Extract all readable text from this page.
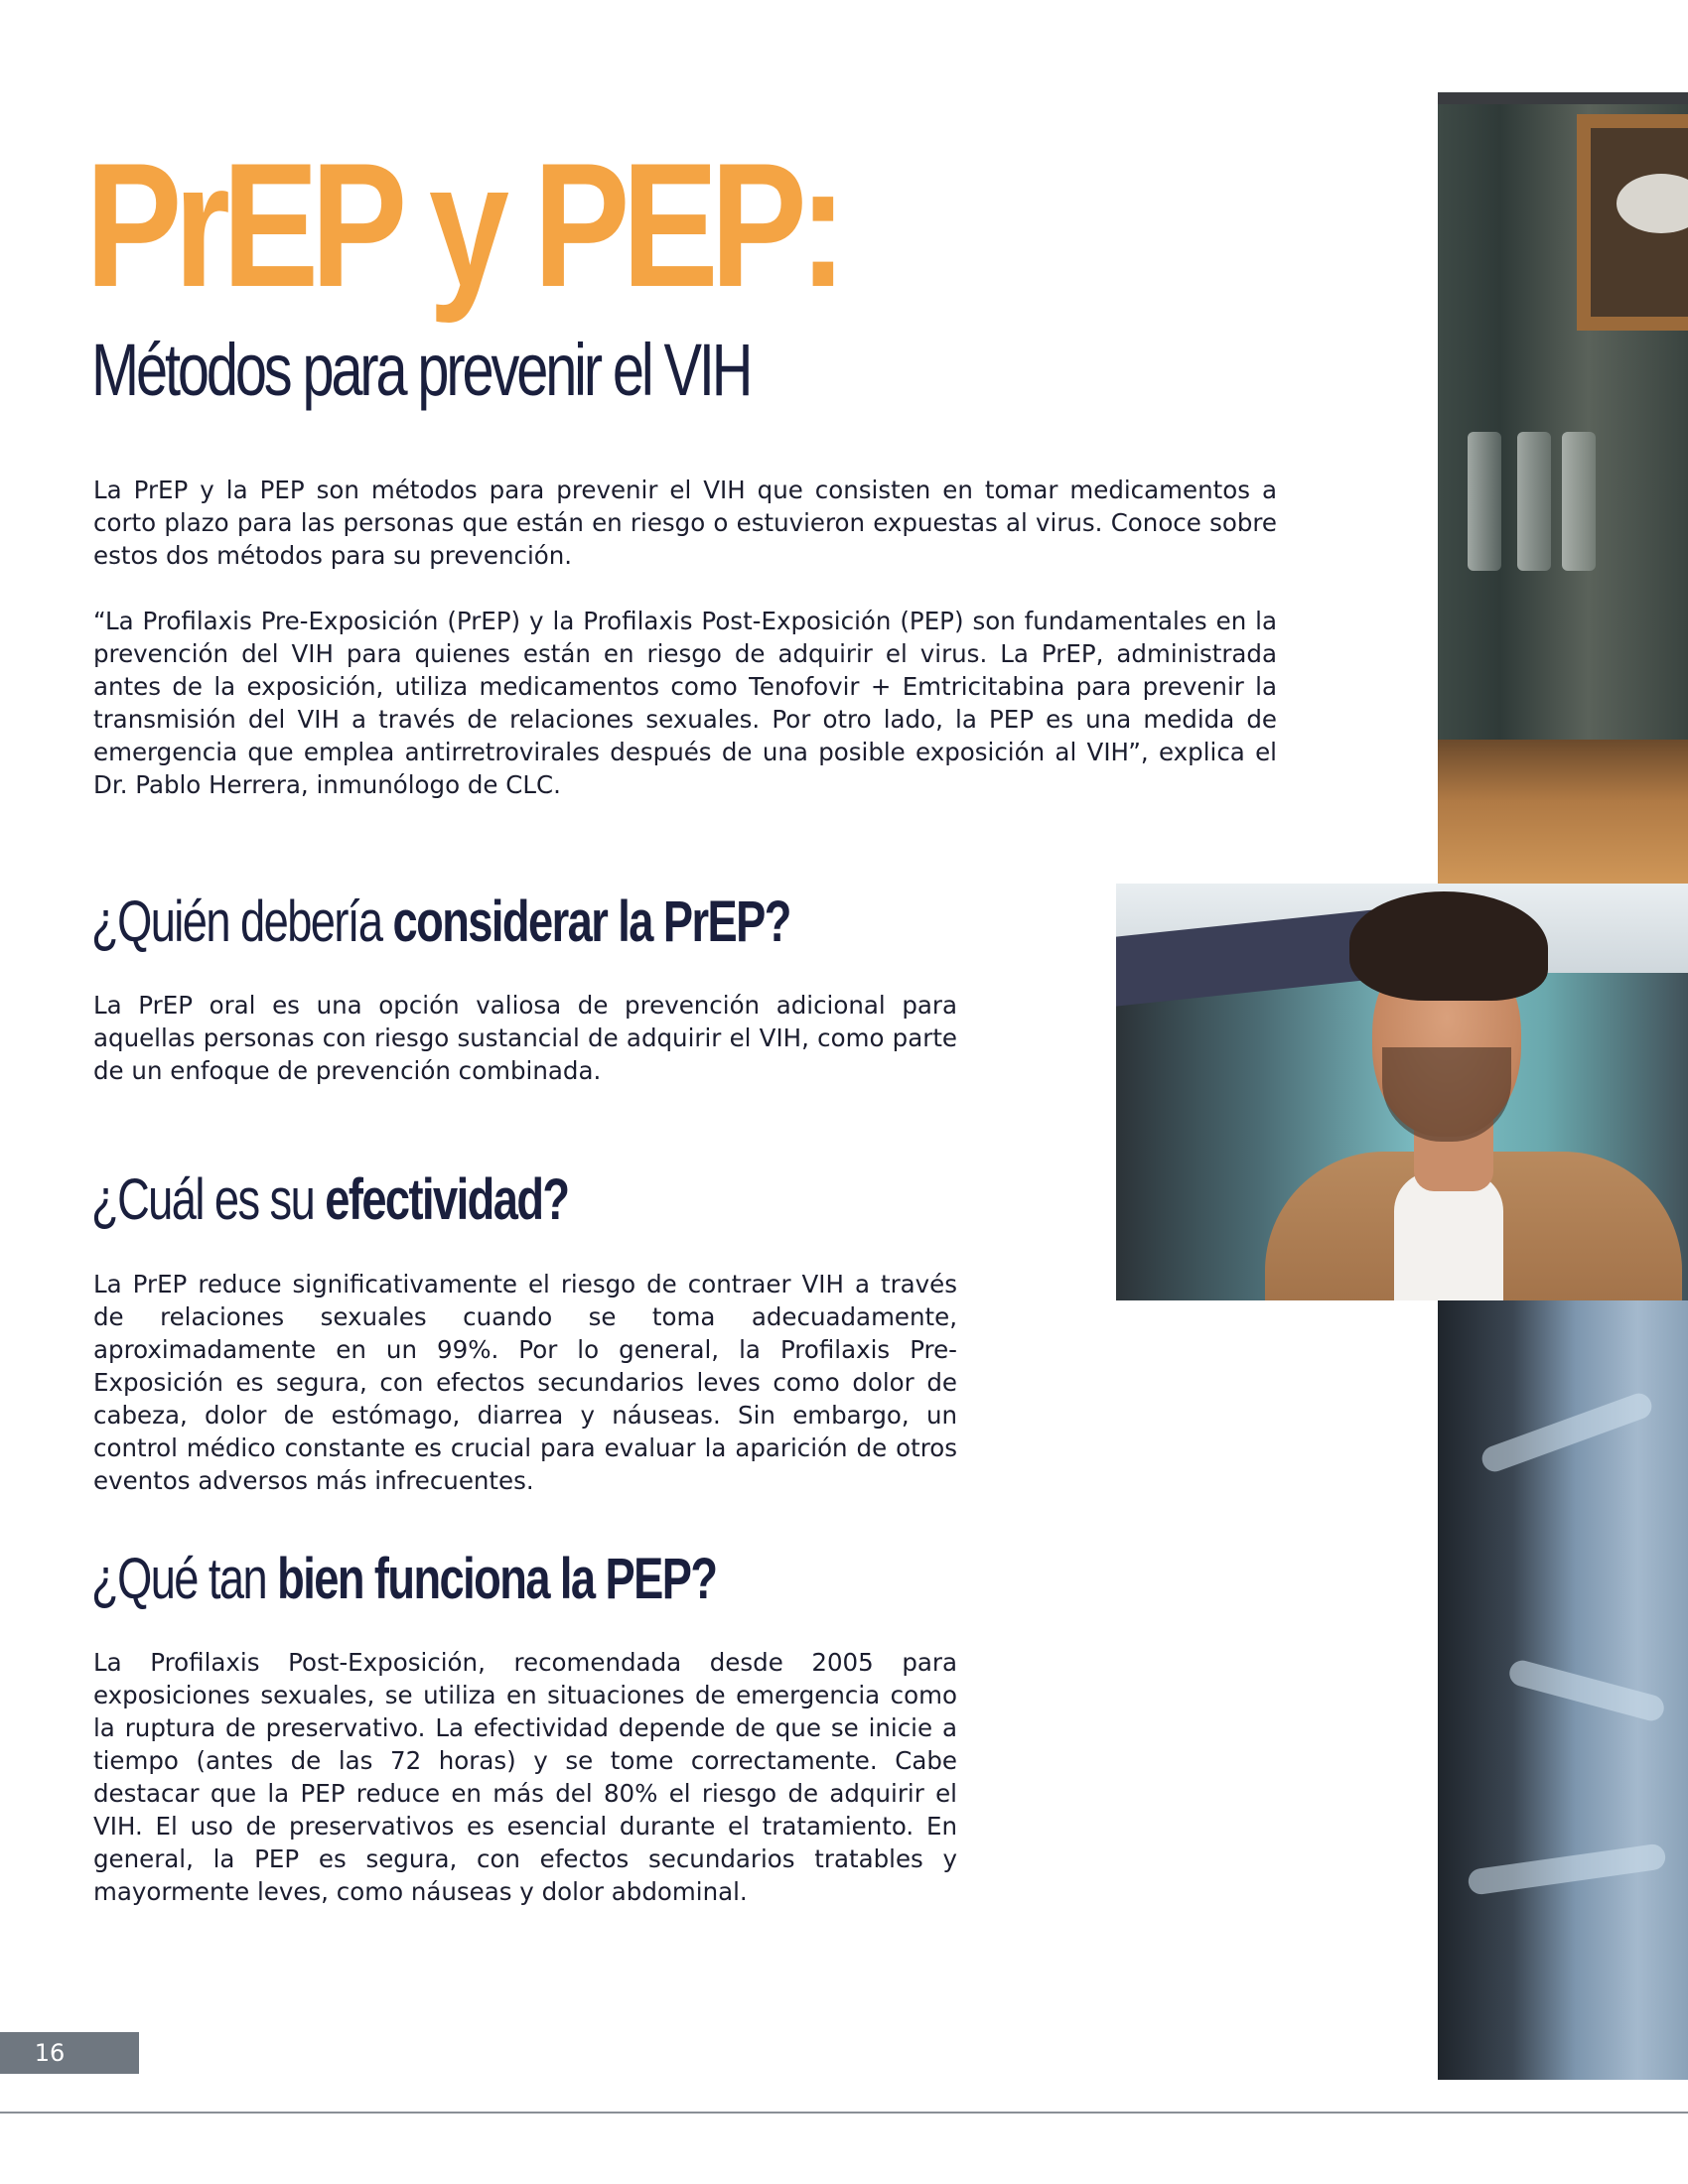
PrEP y PEP:
Métodos para prevenir el VIH

La PrEP y la PEP son métodos para prevenir el VIH que consisten en tomar medicamentos a corto plazo para las personas que están en riesgo o estuvieron expuestas al virus. Conoce sobre estos dos métodos para su prevención.

“La Profilaxis Pre-Exposición (PrEP) y la Profilaxis Post-Exposición (PEP) son fundamentales en la prevención del VIH para quienes están en riesgo de adquirir el virus. La PrEP, administrada antes de la exposición, utiliza medicamentos como Tenofovir + Emtricitabina para prevenir la transmisión del VIH a través de relaciones sexuales. Por otro lado, la PEP es una medida de emergencia que emplea antirretrovirales después de una posible exposición al VIH”, explica el Dr. Pablo Herrera, inmunólogo de CLC.

¿Quién debería considerar la PrEP?

La PrEP oral es una opción valiosa de prevención adicional para aquellas personas con riesgo sustancial de adquirir el VIH, como parte de un enfoque de prevención combinada.

¿Cuál es su efectividad?

La PrEP reduce significativamente el riesgo de contraer VIH a través de relaciones sexuales cuando se toma adecuadamente, aproximadamente en un 99%. Por lo general, la Profilaxis Pre-Exposición es segura, con efectos secundarios leves como dolor de cabeza, dolor de estómago, diarrea y náuseas. Sin embargo, un control médico constante es crucial para evaluar la aparición de otros eventos adversos más infrecuentes.

¿Qué tan bien funciona la PEP?

La Profilaxis Post-Exposición, recomendada desde 2005 para exposiciones sexuales, se utiliza en situaciones de emergencia como la ruptura de preservativo. La efectividad depende de que se inicie a tiempo (antes de las 72 horas) y se tome correctamente. Cabe destacar que la PEP reduce en más del 80% el riesgo de adquirir el VIH. El uso de preservativos es esencial durante el tratamiento. En general, la PEP es segura, con efectos secundarios tratables y mayormente leves, como náuseas y dolor abdominal.

16
